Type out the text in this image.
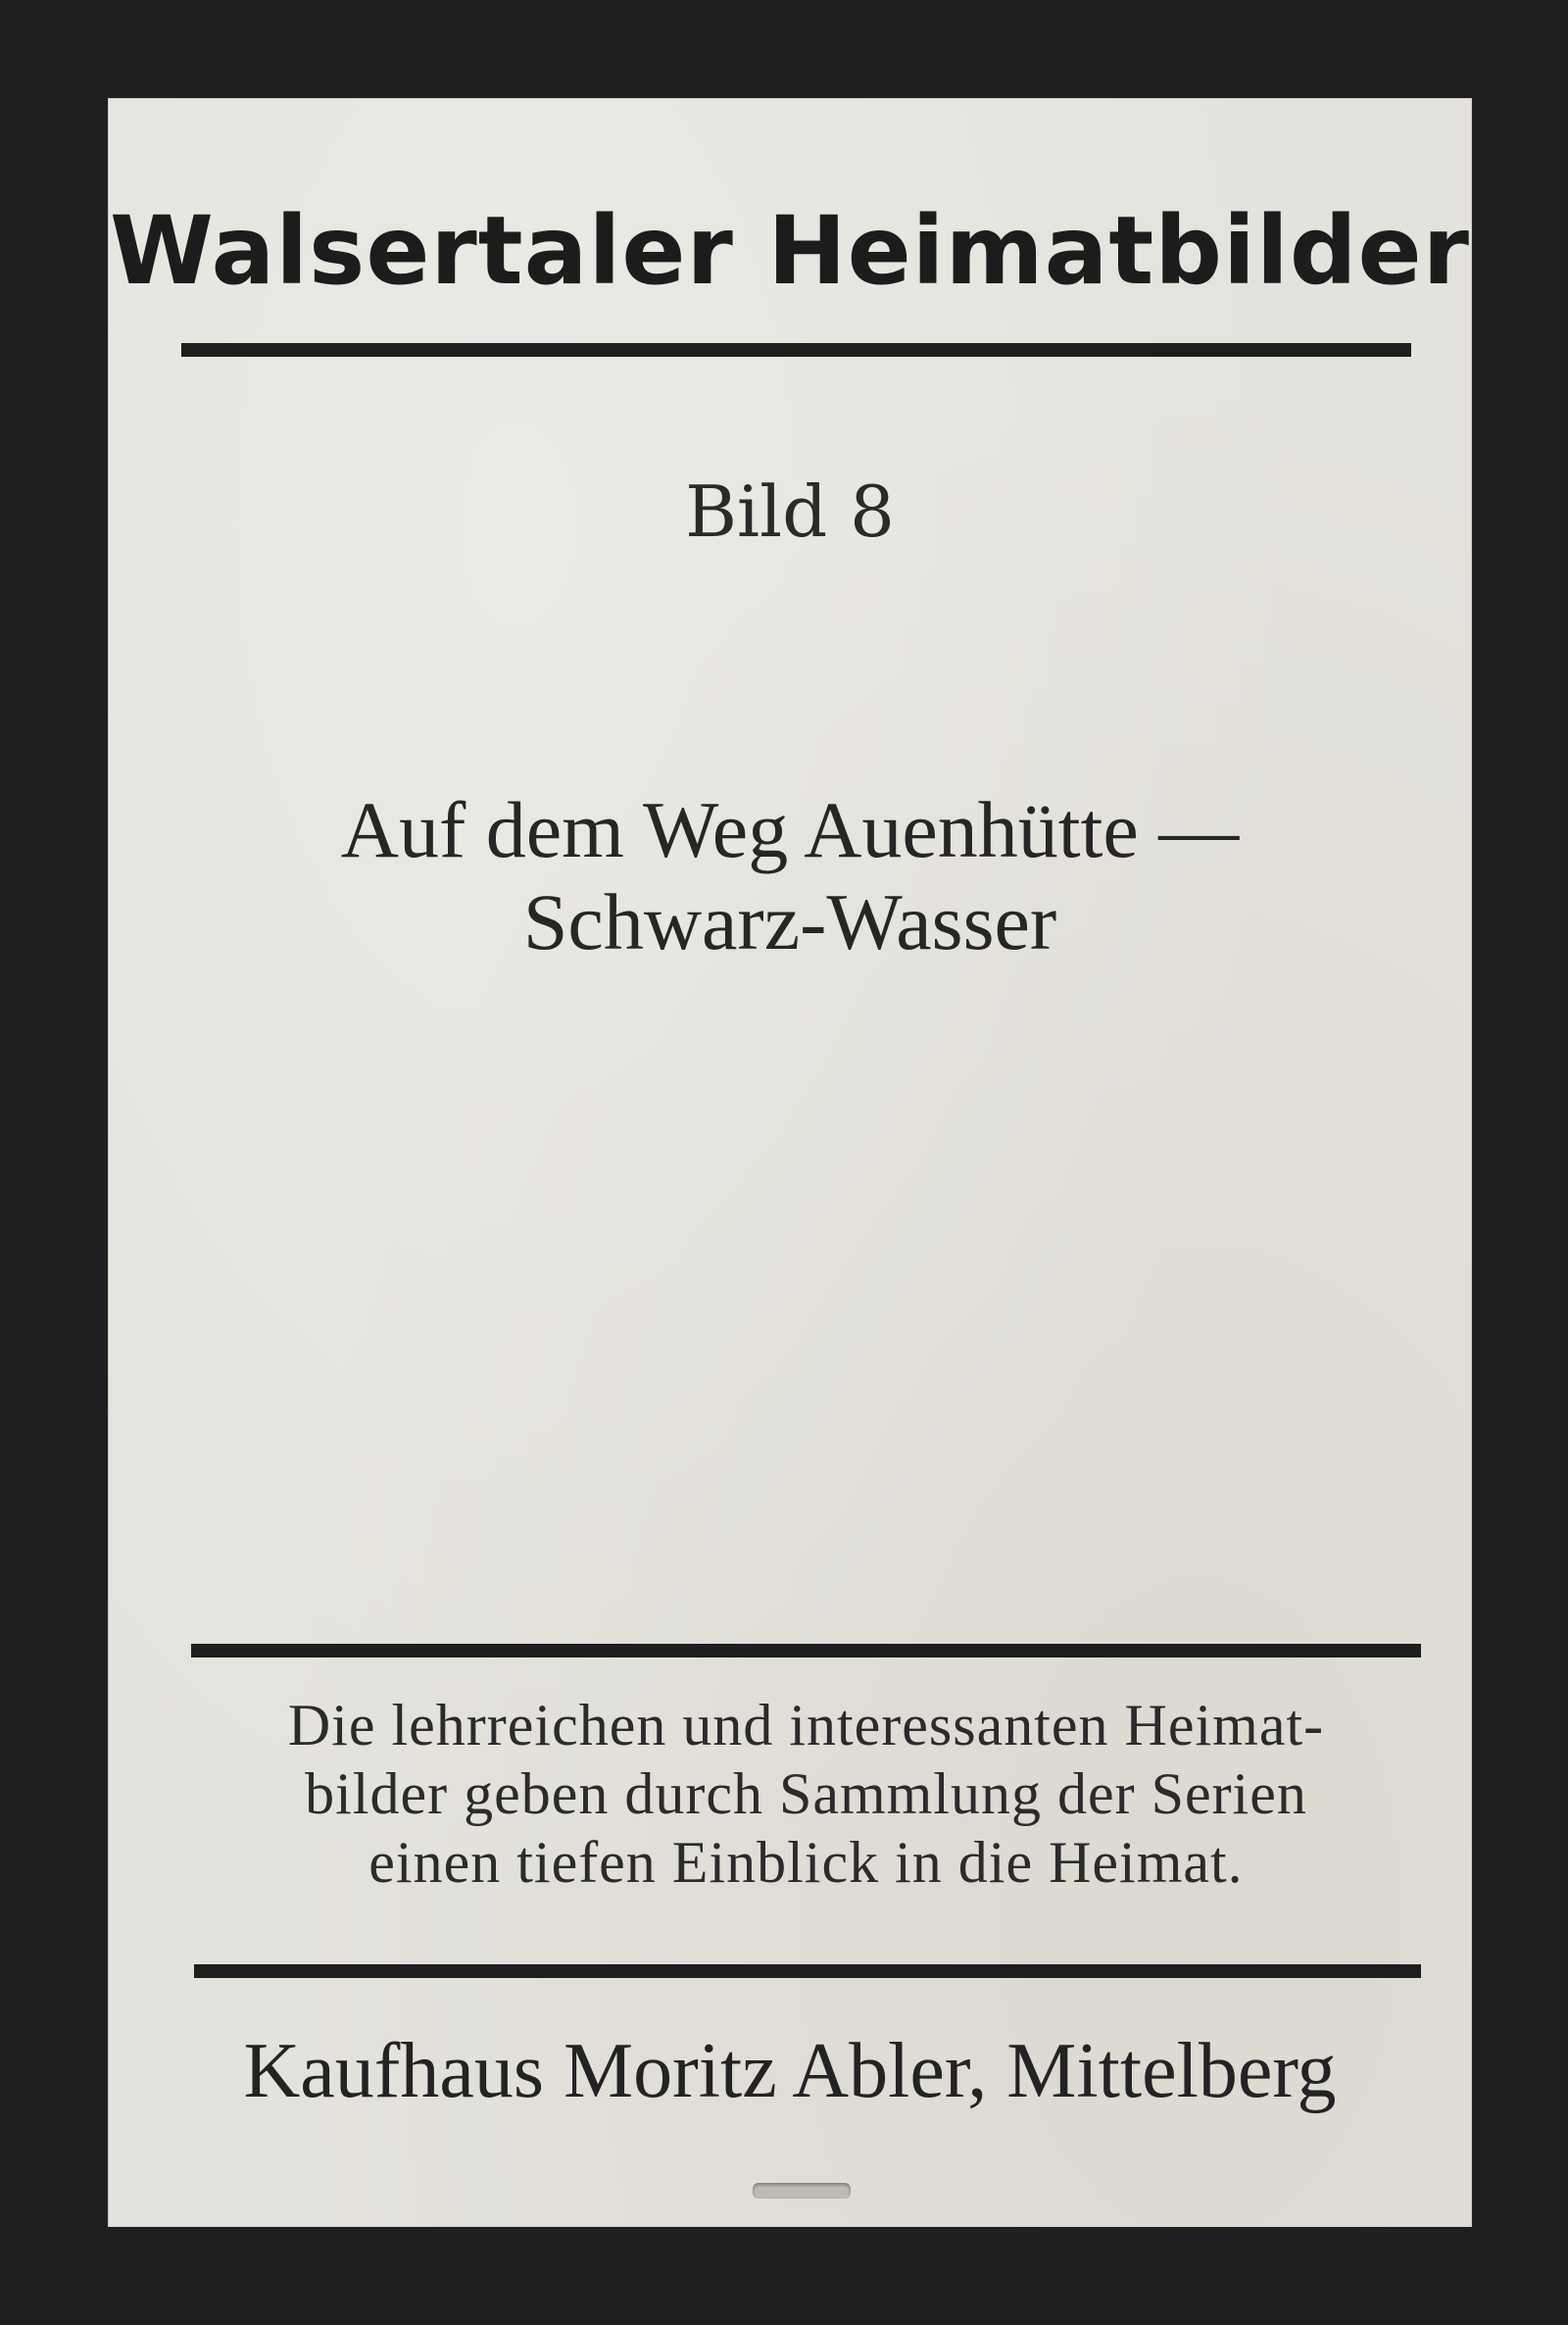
Walsertaler Heimatbilder
Bild 8
Auf dem Weg Auenhütte —
Schwarz-Wasser
Die lehrreichen und interessanten Heimat-
bilder geben durch Sammlung der Serien
einen tiefen Einblick in die Heimat.
Kaufhaus Moritz Abler, Mittelberg
